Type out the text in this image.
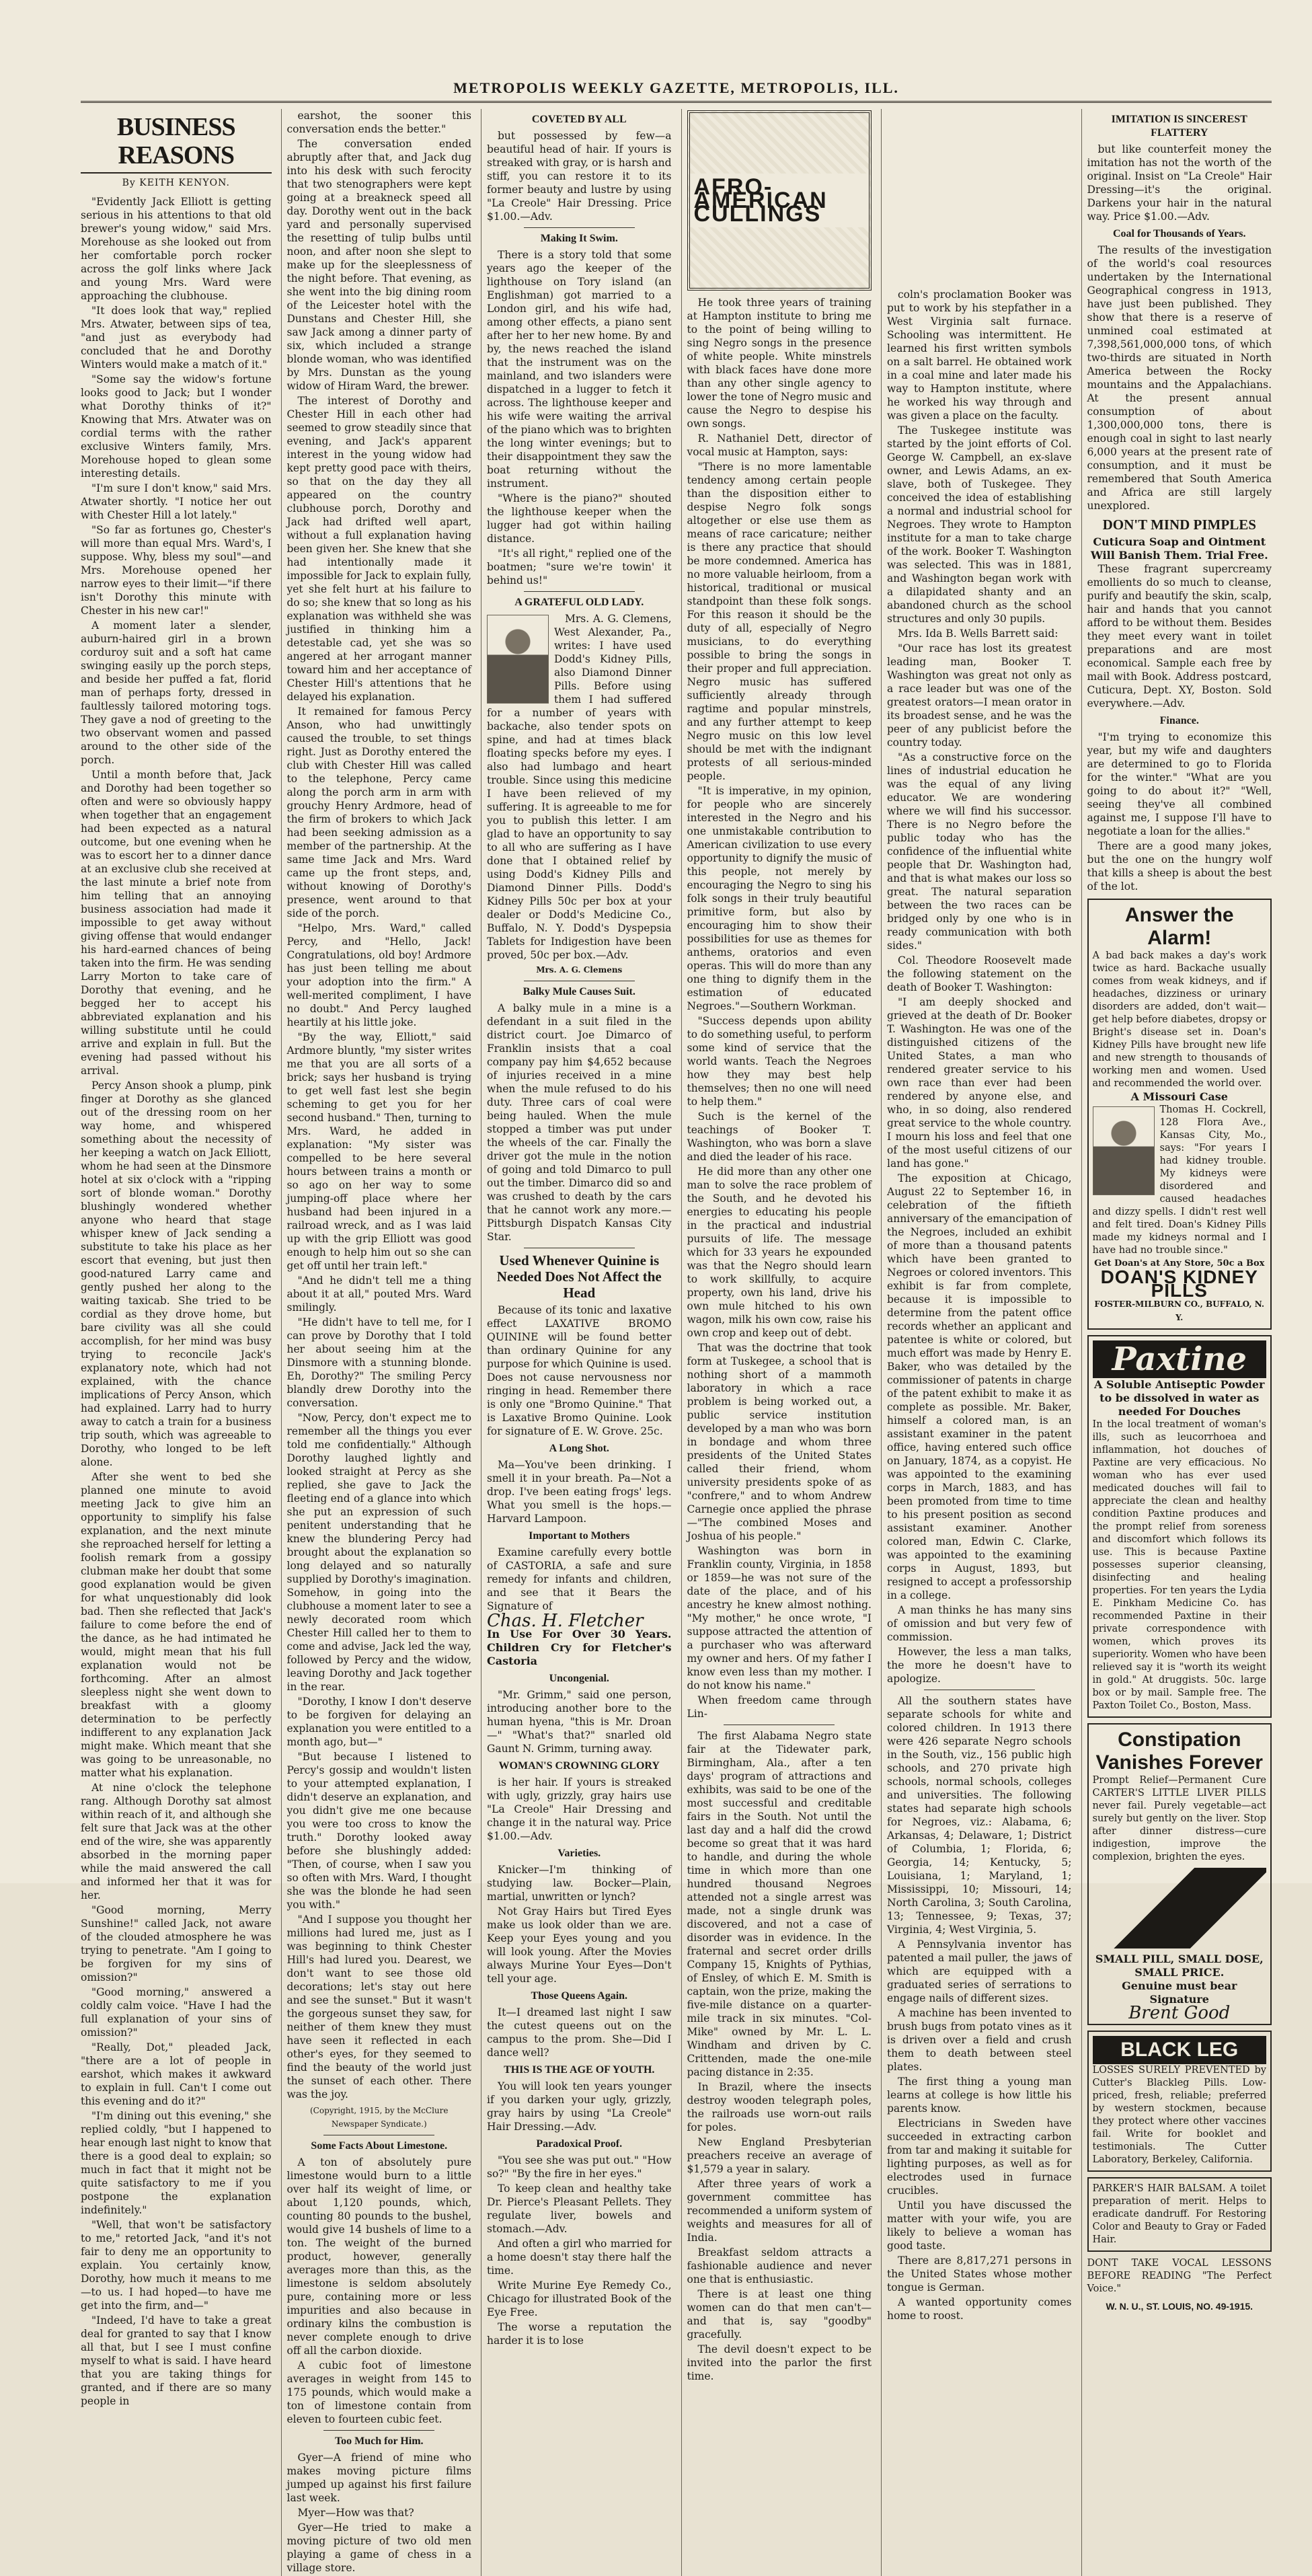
METROPOLIS WEEKLY GAZETTE, METROPOLIS, ILL.
BUSINESS REASONS
By KEITH KENYON.

"Evidently Jack Elliott is getting serious in his attentions to that old brewer's young widow," said Mrs. Morehouse as she looked out from her comfortable porch rocker across the golf links where Jack and young Mrs. Ward were approaching the clubhouse.

"It does look that way," replied Mrs. Atwater, between sips of tea, "and just as everybody had concluded that he and Dorothy Winters would make a match of it."

"Some say the widow's fortune looks good to Jack; but I wonder what Dorothy thinks of it?" Knowing that Mrs. Atwater was on cordial terms with the rather exclusive Winters family, Mrs. Morehouse hoped to glean some interesting details.

"I'm sure I don't know," said Mrs. Atwater shortly. "I notice her out with Chester Hill a lot lately."

"So far as fortunes go, Chester's will more than equal Mrs. Ward's, I suppose. Why, bless my soul"—and Mrs. Morehouse opened her narrow eyes to their limit—"if there isn't Dorothy this minute with Chester in his new car!"

A moment later a slender, auburn-haired girl in a brown corduroy suit and a soft hat came swinging easily up the porch steps, and beside her puffed a fat, florid man of perhaps forty, dressed in faultlessly tailored motoring togs. They gave a nod of greeting to the two observant women and passed around to the other side of the porch.

Until a month before that, Jack and Dorothy had been together so often and were so obviously happy when together that an engagement had been expected as a natural outcome, but one evening when he was to escort her to a dinner dance at an exclusive club she received at the last minute a brief note from him telling that an annoying business association had made it impossible to get away without giving offense that would endanger his hard-earned chances of being taken into the firm. He was sending Larry Morton to take care of Dorothy that evening, and he begged her to accept his abbreviated explanation and his willing substitute until he could arrive and explain in full. But the evening had passed without his arrival.

Percy Anson shook a plump, pink finger at Dorothy as she glanced out of the dressing room on her way home, and whispered something about the necessity of her keeping a watch on Jack Elliott, whom he had seen at the Dinsmore hotel at six o'clock with a "ripping sort of blonde woman." Dorothy blushingly wondered whether anyone who heard that stage whisper knew of Jack sending a substitute to take his place as her escort that evening, but just then good-natured Larry came and gently pushed her along to the waiting taxicab. She tried to be cordial as they drove home, but bare civility was all she could accomplish, for her mind was busy trying to reconcile Jack's explanatory note, which had not explained, with the chance implications of Percy Anson, which had explained. Larry had to hurry away to catch a train for a business trip south, which was agreeable to Dorothy, who longed to be left alone.

After she went to bed she planned one minute to avoid meeting Jack to give him an opportunity to simplify his false explanation, and the next minute she reproached herself for letting a foolish remark from a gossipy clubman make her doubt that some good explanation would be given for what unquestionably did look bad. Then she reflected that Jack's failure to come before the end of the dance, as he had intimated he would, might mean that his full explanation would not be forthcoming. After an almost sleepless night she went down to breakfast with a gloomy determination to be perfectly indifferent to any explanation Jack might make. Which meant that she was going to be unreasonable, no matter what his explanation.

At nine o'clock the telephone rang. Although Dorothy sat almost within reach of it, and although she felt sure that Jack was at the other end of the wire, she was apparently absorbed in the morning paper while the maid answered the call and informed her that it was for her.

"Good morning, Merry Sunshine!" called Jack, not aware of the clouded atmosphere he was trying to penetrate. "Am I going to be forgiven for my sins of omission?"

"Good morning," answered a coldly calm voice. "Have I had the full explanation of your sins of omission?"

"Really, Dot," pleaded Jack, "there are a lot of people in earshot, which makes it awkward to explain in full. Can't I come out this evening and do it?"

"I'm dining out this evening," she replied coldly, "but I happened to hear enough last night to know that there is a good deal to explain; so much in fact that it might not be quite satisfactory to me if you postpone the explanation indefinitely."

"Well, that won't be satisfactory to me," retorted Jack, "and it's not fair to deny me an opportunity to explain. You certainly know, Dorothy, how much it means to me—to us. I had hoped—to have me get into the firm, and—"

"Indeed, I'd have to take a great deal for granted to say that I know all that, but I see I must confine myself to what is said. I have heard that you are taking things for granted, and if there are so many people in

earshot, the sooner this conversation ends the better."

The conversation ended abruptly after that, and Jack dug into his desk with such ferocity that two stenographers were kept going at a breakneck speed all day. Dorothy went out in the back yard and personally supervised the resetting of tulip bulbs until noon, and after noon she slept to make up for the sleeplessness of the night before. That evening, as she went into the big dining room of the Leicester hotel with the Dunstans and Chester Hill, she saw Jack among a dinner party of six, which included a strange blonde woman, who was identified by Mrs. Dunstan as the young widow of Hiram Ward, the brewer.

The interest of Dorothy and Chester Hill in each other had seemed to grow steadily since that evening, and Jack's apparent interest in the young widow had kept pretty good pace with theirs, so that on the day they all appeared on the country clubhouse porch, Dorothy and Jack had drifted well apart, without a full explanation having been given her. She knew that she had intentionally made it impossible for Jack to explain fully, yet she felt hurt at his failure to do so; she knew that so long as his explanation was withheld she was justified in thinking him a detestable cad, yet she was so angered at her arrogant manner toward him and her acceptance of Chester Hill's attentions that he delayed his explanation.

It remained for famous Percy Anson, who had unwittingly caused the trouble, to set things right. Just as Dorothy entered the club with Chester Hill was called to the telephone, Percy came along the porch arm in arm with grouchy Henry Ardmore, head of the firm of brokers to which Jack had been seeking admission as a member of the partnership. At the same time Jack and Mrs. Ward came up the front steps, and, without knowing of Dorothy's presence, went around to that side of the porch.

"Helpo, Mrs. Ward," called Percy, and "Hello, Jack! Congratulations, old boy! Ardmore has just been telling me about your adoption into the firm." A well-merited compliment, I have no doubt." And Percy laughed heartily at his little joke.

"By the way, Elliott," said Ardmore bluntly, "my sister writes me that you are all sorts of a brick; says her husband is trying to get well fast lest she begin scheming to get you for her second husband." Then, turning to Mrs. Ward, he added in explanation: "My sister was compelled to be here several hours between trains a month or so ago on her way to some jumping-off place where her husband had been injured in a railroad wreck, and as I was laid up with the grip Elliott was good enough to help him out so she can get off until her train left."

"And he didn't tell me a thing about it at all," pouted Mrs. Ward smilingly.

"He didn't have to tell me, for I can prove by Dorothy that I told her about seeing him at the Dinsmore with a stunning blonde. Eh, Dorothy?" The smiling Percy blandly drew Dorothy into the conversation.

"Now, Percy, don't expect me to remember all the things you ever told me confidentially." Although Dorothy laughed lightly and looked straight at Percy as she replied, she gave to Jack the fleeting end of a glance into which she put an expression of such penitent understanding that he knew the blundering Percy had brought about the explanation so long delayed and so naturally supplied by Dorothy's imagination. Somehow, in going into the clubhouse a moment later to see a newly decorated room which Chester Hill called her to them to come and advise, Jack led the way, followed by Percy and the widow, leaving Dorothy and Jack together in the rear.

"Dorothy, I know I don't deserve to be forgiven for delaying an explanation you were entitled to a month ago, but—"

"But because I listened to Percy's gossip and wouldn't listen to your attempted explanation, I didn't deserve an explanation, and you didn't give me one because you were too cross to know the truth." Dorothy looked away before she blushingly added: "Then, of course, when I saw you so often with Mrs. Ward, I thought she was the blonde he had seen you with."

"And I suppose you thought her millions had lured me, just as I was beginning to think Chester Hill's had lured you. Dearest, we don't want to see those old decorations; let's stay out here and see the sunset." But it wasn't the gorgeous sunset they saw, for neither of them knew they must have seen it reflected in each other's eyes, for they seemed to find the beauty of the world just the sunset of each other. There was the joy.

(Copyright, 1915, by the McClure Newspaper Syndicate.)
Some Facts About Limestone.

A ton of absolutely pure limestone would burn to a little over half its weight of lime, or about 1,120 pounds, which, counting 80 pounds to the bushel, would give 14 bushels of lime to a ton. The weight of the burned product, however, generally averages more than this, as the limestone is seldom absolutely pure, containing more or less impurities and also because in ordinary kilns the combustion is never complete enough to drive off all the carbon dioxide.

A cubic foot of limestone averages in weight from 145 to 175 pounds, which would make a ton of limestone contain from eleven to fourteen cubic feet.

Too Much for Him.

Gyer—A friend of mine who makes moving picture films jumped up against his first failure last week.

Myer—How was that?

Gyer—He tried to make a moving picture of two old men playing a game of chess in a village store.

COVETED BY ALL

but possessed by few—a beautiful head of hair. If yours is streaked with gray, or is harsh and stiff, you can restore it to its former beauty and lustre by using "La Creole" Hair Dressing. Price $1.00.—Adv.

Making It Swim.

There is a story told that some years ago the keeper of the lighthouse on Tory island (an Englishman) got married to a London girl, and his wife had, among other effects, a piano sent after her to her new home. By and by, the news reached the island that the instrument was on the mainland, and two islanders were dispatched in a lugger to fetch it across. The lighthouse keeper and his wife were waiting the arrival of the piano which was to brighten the long winter evenings; but to their disappointment they saw the boat returning without the instrument.

"Where is the piano?" shouted the lighthouse keeper when the lugger had got within hailing distance.

"It's all right," replied one of the boatmen; "sure we're towin' it behind us!"

A GRATEFUL OLD LADY.

Mrs. A. G. Clemens, West Alexander, Pa., writes: I have used Dodd's Kidney Pills, also Diamond Dinner Pills. Before using them I had suffered for a number of years with backache, also tender spots on spine, and had at times black floating specks before my eyes. I also had lumbago and heart trouble. Since using this medicine I have been relieved of my suffering. It is agreeable to me for you to publish this letter. I am glad to have an opportunity to say to all who are suffering as I have done that I obtained relief by using Dodd's Kidney Pills and Diamond Dinner Pills. Dodd's Kidney Pills 50c per box at your dealer or Dodd's Medicine Co., Buffalo, N. Y. Dodd's Dyspepsia Tablets for Indigestion have been proved, 50c per box.—Adv.

Mrs. A. G. Clemens
Balky Mule Causes Suit.

A balky mule in a mine is a defendant in a suit filed in the district court. Joe Dimarco of Franklin insists that a coal company pay him $4,652 because of injuries received in a mine when the mule refused to do his duty. Three cars of coal were being hauled. When the mule stopped a timber was put under the wheels of the car. Finally the driver got the mule in the notion of going and told Dimarco to pull out the timber. Dimarco did so and was crushed to death by the cars that he cannot work any more.—Pittsburgh Dispatch Kansas City Star.

Used Whenever Quinine is Needed Does Not Affect the Head

Because of its tonic and laxative effect LAXATIVE BROMO QUININE will be found better than ordinary Quinine for any purpose for which Quinine is used. Does not cause nervousness nor ringing in head. Remember there is only one "Bromo Quinine." That is Laxative Bromo Quinine. Look for signature of E. W. Grove. 25c.

A Long Shot.

Ma—You've been drinking. I smell it in your breath. Pa—Not a drop. I've been eating frogs' legs. What you smell is the hops.—Harvard Lampoon.

Important to Mothers

Examine carefully every bottle of CASTORIA, a safe and sure remedy for infants and children, and see that it Bears the Signature of

Chas. H. Fletcher
In Use For Over 30 Years. Children Cry for Fletcher's Castoria
Uncongenial.

"Mr. Grimm," said one person, introducing another bore to the human hyena, "this is Mr. Droan—" "What's that?" snarled old Gaunt N. Grimm, turning away.

WOMAN'S CROWNING GLORY

is her hair. If yours is streaked with ugly, grizzly, gray hairs use "La Creole" Hair Dressing and change it in the natural way. Price $1.00.—Adv.

Varieties.

Knicker—I'm thinking of studying law. Bocker—Plain, martial, unwritten or lynch?

Not Gray Hairs but Tired Eyes make us look older than we are. Keep your Eyes young and you will look young. After the Movies always Murine Your Eyes—Don't tell your age.

Those Queens Again.

It—I dreamed last night I saw the cutest queens out on the campus to the prom. She—Did I dance well?

THIS IS THE AGE OF YOUTH.

You will look ten years younger if you darken your ugly, grizzly, gray hairs by using "La Creole" Hair Dressing.—Adv.

Paradoxical Proof.

"You see she was put out." "How so?" "By the fire in her eyes."

To keep clean and healthy take Dr. Pierce's Pleasant Pellets. They regulate liver, bowels and stomach.—Adv.

And often a girl who married for a home doesn't stay there half the time.

Write Murine Eye Remedy Co., Chicago for illustrated Book of the Eye Free.

The worse a reputation the harder it is to lose

AFRO-AMERICAN CULLINGS

He took three years of training at Hampton institute to bring me to the point of being willing to sing Negro songs in the presence of white people. White minstrels with black faces have done more than any other single agency to lower the tone of Negro music and cause the Negro to despise his own songs.

R. Nathaniel Dett, director of vocal music at Hampton, says:

"There is no more lamentable tendency among certain people than the disposition either to despise Negro folk songs altogether or else use them as means of race caricature; neither is there any practice that should be more condemned. America has no more valuable heirloom, from a historical, traditional or musical standpoint than these folk songs. For this reason it should be the duty of all, especially of Negro musicians, to do everything possible to bring the songs in their proper and full appreciation. Negro music has suffered sufficiently already through ragtime and popular minstrels, and any further attempt to keep Negro music on this low level should be met with the indignant protests of all serious-minded people.

"It is imperative, in my opinion, for people who are sincerely interested in the Negro and his one unmistakable contribution to American civilization to use every opportunity to dignify the music of this people, not merely by encouraging the Negro to sing his folk songs in their truly beautiful primitive form, but also by encouraging him to show their possibilities for use as themes for anthems, oratorios and even operas. This will do more than any one thing to dignify them in the estimation of educated Negroes."—Southern Workman.

"Success depends upon ability to do something useful, to perform some kind of service that the world wants. Teach the Negroes how they may best help themselves; then no one will need to help them."

Such is the kernel of the teachings of Booker T. Washington, who was born a slave and died the leader of his race.

He did more than any other one man to solve the race problem of the South, and he devoted his energies to educating his people in the practical and industrial pursuits of life. The message which for 33 years he expounded was that the Negro should learn to work skillfully, to acquire property, own his land, drive his own mule hitched to his own wagon, milk his own cow, raise his own crop and keep out of debt.

That was the doctrine that took form at Tuskegee, a school that is nothing short of a mammoth laboratory in which a race problem is being worked out, a public service institution developed by a man who was born in bondage and whom three presidents of the United States called their friend, whom university presidents spoke of as "confrere," and to whom Andrew Carnegie once applied the phrase—"The combined Moses and Joshua of his people."

Washington was born in Franklin county, Virginia, in 1858 or 1859—he was not sure of the date of the place, and of his ancestry he knew almost nothing. "My mother," he once wrote, "I suppose attracted the attention of a purchaser who was afterward my owner and hers. Of my father I know even less than my mother. I do not know his name."

When freedom came through Lin-

The first Alabama Negro state fair at the Tidewater park, Birmingham, Ala., after a ten days' program of attractions and exhibits, was said to be one of the most successful and creditable fairs in the South. Not until the last day and a half did the crowd become so great that it was hard to handle, and during the whole time in which more than one hundred thousand Negroes attended not a single arrest was made, not a single drunk was discovered, and not a case of disorder was in evidence. In the fraternal and secret order drills Company 15, Knights of Pythias, of Ensley, of which E. M. Smith is captain, won the prize, making the five-mile distance on a quarter-mile track in six minutes. "Col-Mike" owned by Mr. L. L. Windham and driven by C. Crittenden, made the one-mile pacing distance in 2:35.

In Brazil, where the insects destroy wooden telegraph poles, the railroads use worn-out rails for poles.

New England Presbyterian preachers receive an average of $1,579 a year in salary.

After three years of work a government committee has recommended a uniform system of weights and measures for all of India.

Breakfast seldom attracts a fashionable audience and never one that is enthusiastic.

There is at least one thing women can do that men can't—and that is, say "goodby" gracefully.

The devil doesn't expect to be invited into the parlor the first time.

coln's proclamation Booker was put to work by his stepfather in a West Virginia salt furnace. Schooling was intermittent. He learned his first written symbols on a salt barrel. He obtained work in a coal mine and later made his way to Hampton institute, where he worked his way through and was given a place on the faculty.

The Tuskegee institute was started by the joint efforts of Col. George W. Campbell, an ex-slave owner, and Lewis Adams, an ex-slave, both of Tuskegee. They conceived the idea of establishing a normal and industrial school for Negroes. They wrote to Hampton institute for a man to take charge of the work. Booker T. Washington was selected. This was in 1881, and Washington began work with a dilapidated shanty and an abandoned church as the school structures and only 30 pupils.

Mrs. Ida B. Wells Barrett said:

"Our race has lost its greatest leading man, Booker T. Washington was great not only as a race leader but was one of the greatest orators—I mean orator in its broadest sense, and he was the peer of any publicist before the country today.

"As a constructive force on the lines of industrial education he was the equal of any living educator. We are wondering where we will find his successor. There is no Negro before the public today who has the confidence of the influential white people that Dr. Washington had, and that is what makes our loss so great. The natural separation between the two races can be bridged only by one who is in ready communication with both sides."

Col. Theodore Roosevelt made the following statement on the death of Booker T. Washington:

"I am deeply shocked and grieved at the death of Dr. Booker T. Washington. He was one of the distinguished citizens of the United States, a man who rendered greater service to his own race than ever had been rendered by anyone else, and who, in so doing, also rendered great service to the whole country. I mourn his loss and feel that one of the most useful citizens of our land has gone."

The exposition at Chicago, August 22 to September 16, in celebration of the fiftieth anniversary of the emancipation of the Negroes, included an exhibit of more than a thousand patents which have been granted to Negroes or colored inventors. This exhibit is far from complete, because it is impossible to determine from the patent office records whether an applicant and patentee is white or colored, but much effort was made by Henry E. Baker, who was detailed by the commissioner of patents in charge of the patent exhibit to make it as complete as possible. Mr. Baker, himself a colored man, is an assistant examiner in the patent office, having entered such office on January, 1874, as a copyist. He was appointed to the examining corps in March, 1883, and has been promoted from time to time to his present position as second assistant examiner. Another colored man, Edwin C. Clarke, was appointed to the examining corps in August, 1893, but resigned to accept a professorship in a college.

A man thinks he has many sins of omission and but very few of commission.

However, the less a man talks, the more he doesn't have to apologize.

All the southern states have separate schools for white and colored children. In 1913 there were 426 separate Negro schools in the South, viz., 156 public high schools, and 270 private high schools, normal schools, colleges and universities. The following states had separate high schools for Negroes, viz.: Alabama, 6; Arkansas, 4; Delaware, 1; District of Columbia, 1; Florida, 6; Georgia, 14; Kentucky, 5; Louisiana, 1; Maryland, 1; Mississippi, 10; Missouri, 14; North Carolina, 3; South Carolina, 13; Tennessee, 9; Texas, 37; Virginia, 4; West Virginia, 5.

A Pennsylvania inventor has patented a mail puller, the jaws of which are equipped with a graduated series of serrations to engage nails of different sizes.

A machine has been invented to brush bugs from potato vines as it is driven over a field and crush them to death between steel plates.

The first thing a young man learns at college is how little his parents know.

Electricians in Sweden have succeeded in extracting carbon from tar and making it suitable for lighting purposes, as well as for electrodes used in furnace crucibles.

Until you have discussed the matter with your wife, you are likely to believe a woman has good taste.

There are 8,817,271 persons in the United States whose mother tongue is German.

A wanted opportunity comes home to roost.

IMITATION IS SINCEREST FLATTERY

but like counterfeit money the imitation has not the worth of the original. Insist on "La Creole" Hair Dressing—it's the original. Darkens your hair in the natural way. Price $1.00.—Adv.

Coal for Thousands of Years.

The results of the investigation of the world's coal resources undertaken by the International Geographical congress in 1913, have just been published. They show that there is a reserve of unmined coal estimated at 7,398,561,000,000 tons, of which two-thirds are situated in North America between the Rocky mountains and the Appalachians. At the present annual consumption of about 1,300,000,000 tons, there is enough coal in sight to last nearly 6,000 years at the present rate of consumption, and it must be remembered that South America and Africa are still largely unexplored.

DON'T MIND PIMPLES
Cuticura Soap and Ointment Will Banish Them. Trial Free.

These fragrant supercreamy emollients do so much to cleanse, purify and beautify the skin, scalp, hair and hands that you cannot afford to be without them. Besides they meet every want in toilet preparations and are most economical. Sample each free by mail with Book. Address postcard, Cuticura, Dept. XY, Boston. Sold everywhere.—Adv.

Finance.

"I'm trying to economize this year, but my wife and daughters are determined to go to Florida for the winter." "What are you going to do about it?" "Well, seeing they've all combined against me, I suppose I'll have to negotiate a loan for the allies."

There are a good many jokes, but the one on the hungry wolf that kills a sheep is about the best of the lot.

Answer the Alarm!
A bad back makes a day's work twice as hard. Backache usually comes from weak kidneys, and if headaches, dizziness or urinary disorders are added, don't wait—get help before diabetes, dropsy or Bright's disease set in. Doan's Kidney Pills have brought new life and new strength to thousands of working men and women. Used and recommended the world over.
A Missouri Case
Thomas H. Cockrell, 128 Flora Ave., Kansas City, Mo., says: "For years I had kidney trouble. My kidneys were disordered and caused headaches and dizzy spells. I didn't rest well and felt tired. Doan's Kidney Pills made my kidneys normal and I have had no trouble since."
Get Doan's at Any Store, 50c a Box
DOAN'S KIDNEY PILLS
FOSTER-MILBURN CO., BUFFALO, N. Y.
Paxtine
A Soluble Antiseptic Powder to be dissolved in water as needed For Douches
In the local treatment of woman's ills, such as leucorrhoea and inflammation, hot douches of Paxtine are very efficacious. No woman who has ever used medicated douches will fail to appreciate the clean and healthy condition Paxtine produces and the prompt relief from soreness and discomfort which follows its use. This is because Paxtine possesses superior cleansing, disinfecting and healing properties. For ten years the Lydia E. Pinkham Medicine Co. has recommended Paxtine in their private correspondence with women, which proves its superiority. Women who have been relieved say it is "worth its weight in gold." At druggists. 50c. large box or by mail. Sample free. The Paxton Toilet Co., Boston, Mass.
Constipation Vanishes Forever
Prompt Relief—Permanent Cure CARTER'S LITTLE LIVER PILLS never fail. Purely vegetable—act surely but gently on the liver. Stop after dinner distress—cure indigestion, improve the complexion, brighten the eyes.
SMALL PILL, SMALL DOSE, SMALL PRICE.
Genuine must bear Signature
Brent Good
BLACK LEG
LOSSES SURELY PREVENTED by Cutter's Blackleg Pills. Low-priced, fresh, reliable; preferred by western stockmen, because they protect where other vaccines fail. Write for booklet and testimonials. The Cutter Laboratory, Berkeley, California.
PARKER'S HAIR BALSAM. A toilet preparation of merit. Helps to eradicate dandruff. For Restoring Color and Beauty to Gray or Faded Hair.
DONT TAKE VOCAL LESSONS BEFORE READING "The Perfect Voice."
W. N. U., ST. LOUIS, NO. 49-1915.
